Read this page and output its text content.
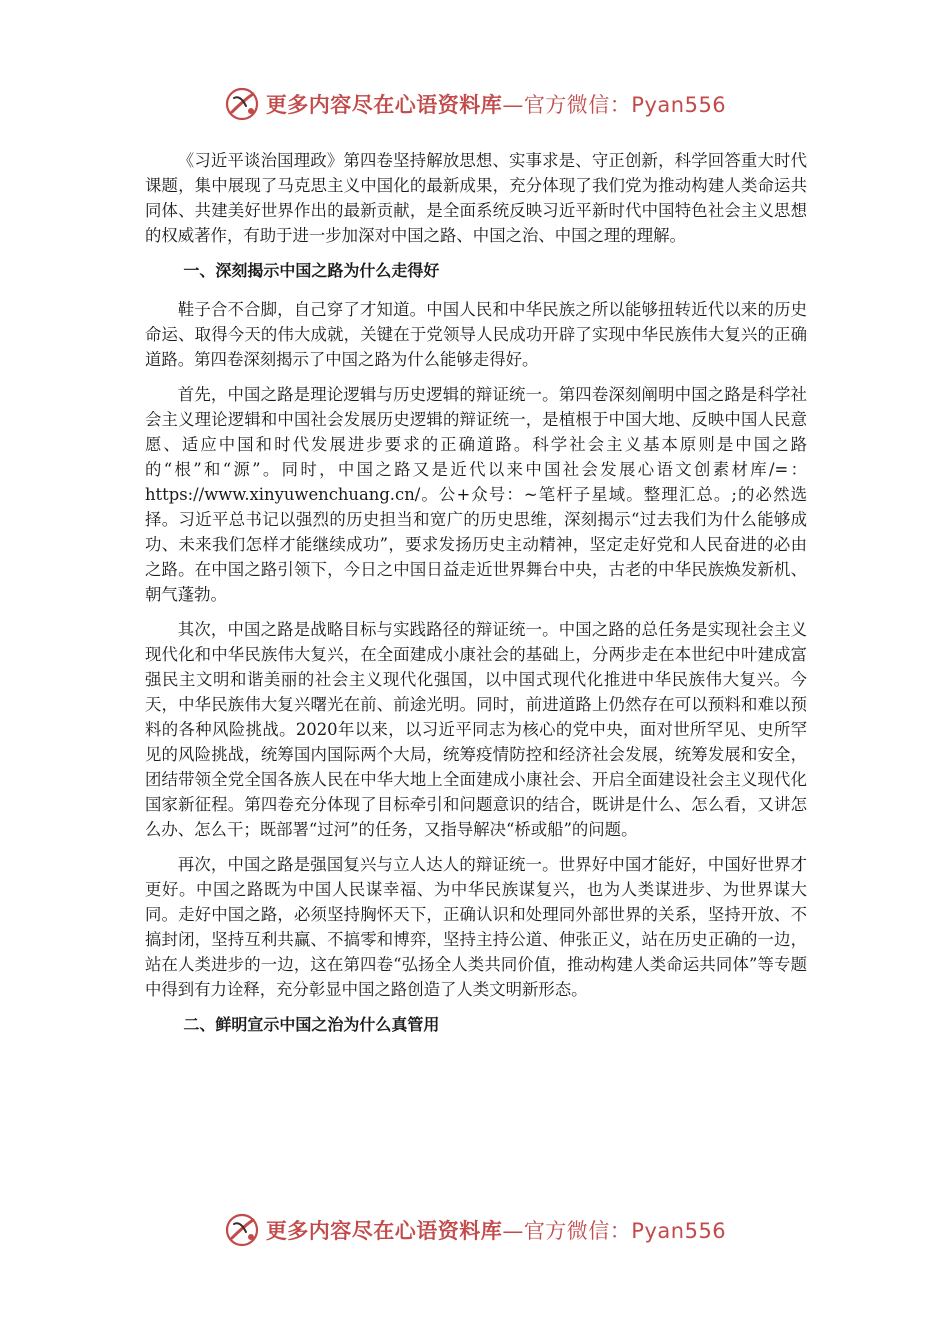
更多内容尽在心语资料库 —官方微信：Pyan556

《习近平谈治国理政》第四卷坚持解放思想、实事求是、守正创新，科学回答重大时代课题，集中展现了马克思主义中国化的最新成果，充分体现了我们党为推动构建人类命运共同体、共建美好世界作出的最新贡献，是全面系统反映习近平新时代中国特色社会主义思想的权威著作，有助于进一步加深对中国之路、中国之治、中国之理的理解。

一、深刻揭示中国之路为什么走得好

鞋子合不合脚，自己穿了才知道。中国人民和中华民族之所以能够扭转近代以来的历史命运、取得今天的伟大成就，关键在于党领导人民成功开辟了实现中华民族伟大复兴的正确道路。第四卷深刻揭示了中国之路为什么能够走得好。

首先，中国之路是理论逻辑与历史逻辑的辩证统一。第四卷深刻阐明中国之路是科学社会主义理论逻辑和中国社会发展历史逻辑的辩证统一，是植根于中国大地、反映中国人民意愿、适应中国和时代发展进步要求的正确道路。科学社会主义基本原则是中国之路的“根”和“源”。同时，中国之路又是近代以来中国社会发展心语文创素材库/=：https://www.xinyuwenchuang.cn/。公+众号：~笔杆子星域。整理汇总。;的必然选择。习近平总书记以强烈的历史担当和宽广的历史思维，深刻揭示“过去我们为什么能够成功、未来我们怎样才能继续成功”，要求发扬历史主动精神，坚定走好党和人民奋进的必由之路。在中国之路引领下，今日之中国日益走近世界舞台中央，古老的中华民族焕发新机、朝气蓬勃。

其次，中国之路是战略目标与实践路径的辩证统一。中国之路的总任务是实现社会主义现代化和中华民族伟大复兴，在全面建成小康社会的基础上，分两步走在本世纪中叶建成富强民主文明和谐美丽的社会主义现代化强国，以中国式现代化推进中华民族伟大复兴。今天，中华民族伟大复兴曙光在前、前途光明。同时，前进道路上仍然存在可以预料和难以预料的各种风险挑战。2020年以来，以习近平同志为核心的党中央，面对世所罕见、史所罕见的风险挑战，统筹国内国际两个大局，统筹疫情防控和经济社会发展，统筹发展和安全，团结带领全党全国各族人民在中华大地上全面建成小康社会、开启全面建设社会主义现代化国家新征程。第四卷充分体现了目标牵引和问题意识的结合，既讲是什么、怎么看，又讲怎么办、怎么干；既部署“过河”的任务，又指导解决“桥或船”的问题。

再次，中国之路是强国复兴与立人达人的辩证统一。世界好中国才能好，中国好世界才更好。中国之路既为中国人民谋幸福、为中华民族谋复兴，也为人类谋进步、为世界谋大同。走好中国之路，必须坚持胸怀天下，正确认识和处理同外部世界的关系，坚持开放、不搞封闭，坚持互利共赢、不搞零和博弈，坚持主持公道、伸张正义，站在历史正确的一边，站在人类进步的一边，这在第四卷“弘扬全人类共同价值，推动构建人类命运共同体”等专题中得到有力诠释，充分彰显中国之路创造了人类文明新形态。

二、鲜明宣示中国之治为什么真管用

更多内容尽在心语资料库 —官方微信：Pyan556
